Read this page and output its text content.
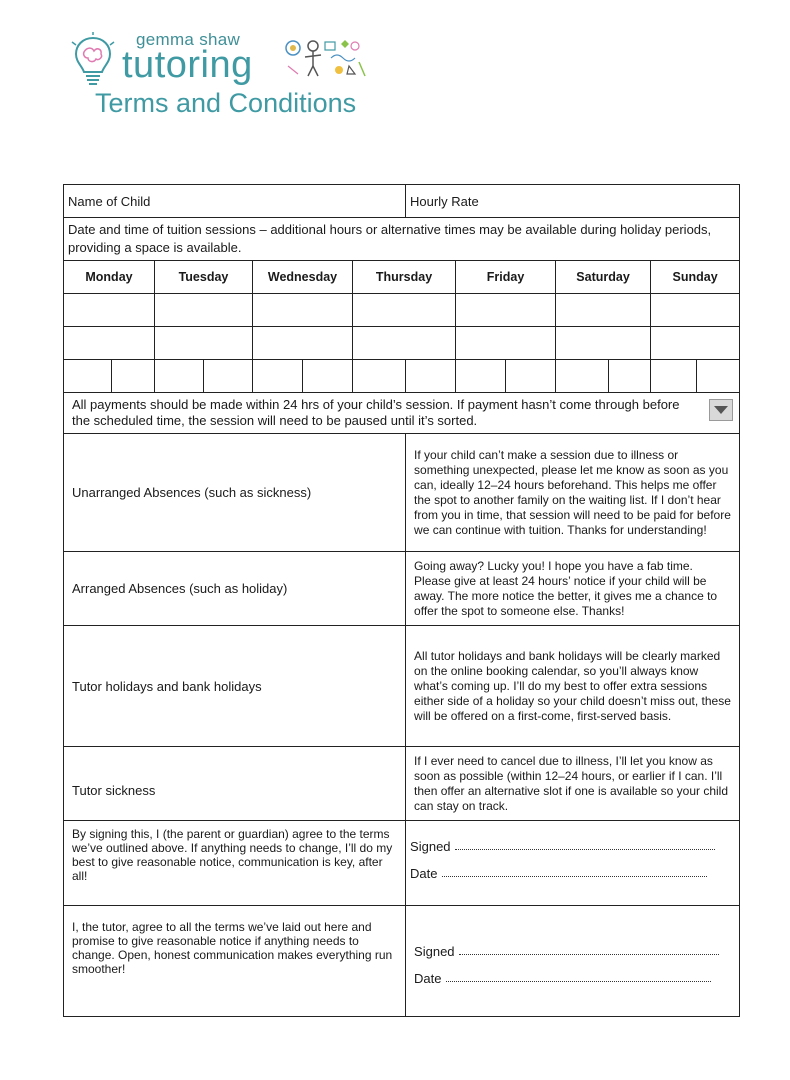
gemma shaw
tutoring
Terms and Conditions
Name of Child							Hourly Rate						
Date and time of tuition sessions – additional hours or alternative times may be available during holiday periods, providing a space is available.													
Monday		Tuesday		Wednesday		Thursday		Friday		Saturday		Sunday	

All payments should be made within 24 hrs of your child’s session. If payment hasn’t come through before the scheduled time, the session will need to be paused until it’s sorted.													

Unarranged Absences (such as sickness)							If your child can’t make a session due to illness or something unexpected, please let me know as soon as you can, ideally 12–24 hours beforehand. This helps me offer the spot to another family on the waiting list. If I don’t hear from you in time, that session will need to be paid for before we can continue with tuition. Thanks for understanding!						
Arranged Absences (such as holiday)							Going away? Lucky you! I hope you have a fab time. Please give at least 24 hours’ notice if your child will be away. The more notice the better, it gives me a chance to offer the spot to someone else. Thanks!						
Tutor holidays and bank holidays							All tutor holidays and bank holidays will be clearly marked on the online booking calendar, so you’ll always know what’s coming up. I’ll do my best to offer extra sessions either side of a holiday so your child doesn’t miss out, these will be offered on a first-come, first-served basis.						
Tutor sickness							If I ever need to cancel due to illness, I’ll let you know as soon as possible (within 12–24 hours, or earlier if I can. I’ll then offer an alternative slot if one is available so your child can stay on track.						
By signing this, I (the parent or guardian) agree to the terms we’ve outlined above. If anything needs to change, I’ll do my best to give reasonable notice, communication is key, after all!							Signed
Date						

I, the tutor, agree to all the terms we’ve laid out here and promise to give reasonable notice if anything needs to change. Open, honest communication makes everything run smoother!							Signed
Date						
